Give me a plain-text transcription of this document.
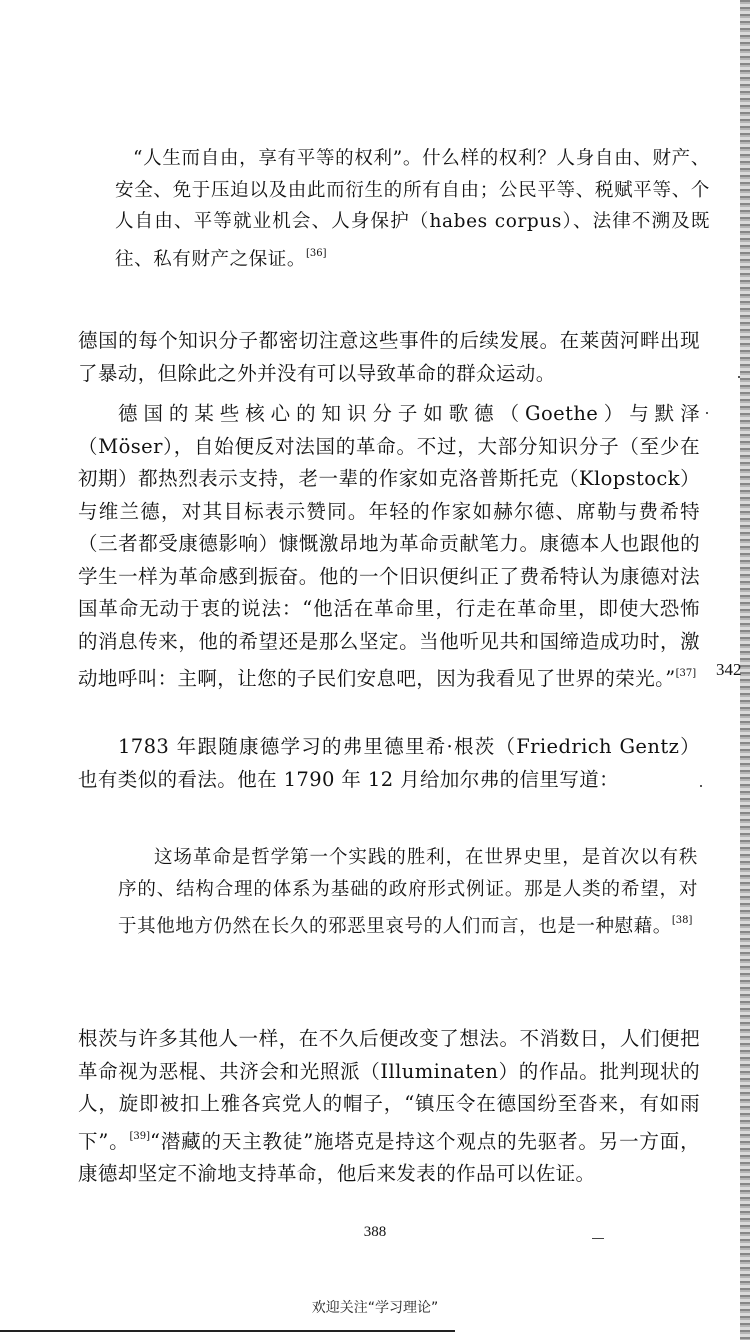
“人生而自由，享有平等的权利”。什么样的权利？人身自由、财产、安全、免于压迫以及由此而衍生的所有自由；公民平等、税赋平等、个人自由、平等就业机会、人身保护（habes corpus）、法律不溯及既往、私有财产之保证。[36]

德国的每个知识分子都密切注意这些事件的后续发展。在莱茵河畔出现了暴动，但除此之外并没有可以导致革命的群众运动。

德国的某些核心的知识分子如歌德（Goethe）与默泽（Möser），自始便反对法国的革命。不过，大部分知识分子（至少在初期）都热烈表示支持，老一辈的作家如克洛普斯托克（Klopstock）与维兰德，对其目标表示赞同。年轻的作家如赫尔德、席勒与费希特（三者都受康德影响）慷慨激昂地为革命贡献笔力。康德本人也跟他的学生一样为革命感到振奋。他的一个旧识便纠正了费希特认为康德对法国革命无动于衷的说法：“他活在革命里，行走在革命里，即使大恐怖的消息传来，他的希望还是那么坚定。当他听见共和国缔造成功时，激动地呼叫：主啊，让您的子民们安息吧，因为我看见了世界的荣光。”[37]

1783 年跟随康德学习的弗里德里希·根茨（Friedrich Gentz）也有类似的看法。他在 1790 年 12 月给加尔弗的信里写道：

这场革命是哲学第一个实践的胜利，在世界史里，是首次以有秩序的、结构合理的体系为基础的政府形式例证。那是人类的希望，对于其他地方仍然在长久的邪恶里哀号的人们而言，也是一种慰藉。[38]

根茨与许多其他人一样，在不久后便改变了想法。不消数日，人们便把革命视为恶棍、共济会和光照派（Illuminaten）的作品。批判现状的人，旋即被扣上雅各宾党人的帽子，“镇压令在德国纷至沓来，有如雨下”。[39]“潜藏的天主教徒”施塔克是持这个观点的先驱者。另一方面，康德却坚定不渝地支持革命，他后来发表的作品可以佐证。

342
388
欢迎关注“学习理论”
